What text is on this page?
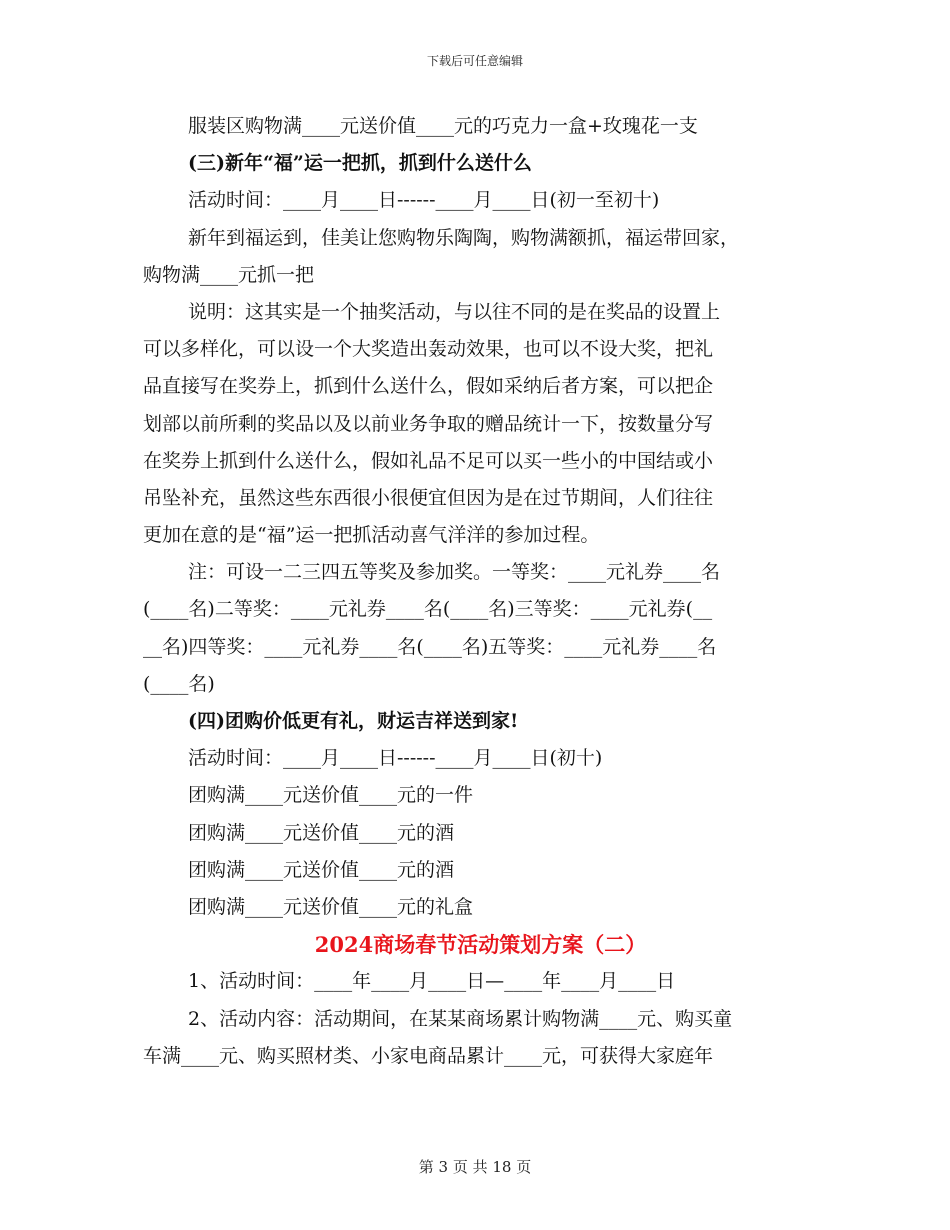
下载后可任意编辑
服装区购物满____元送价值____元的巧克力一盒+玫瑰花一支
(三)新年“福”运一把抓，抓到什么送什么
活动时间：____月____日------____月____日(初一至初十)
新年到福运到，佳美让您购物乐陶陶，购物满额抓，福运带回家，
购物满____元抓一把
说明：这其实是一个抽奖活动，与以往不同的是在奖品的设置上
可以多样化，可以设一个大奖造出轰动效果，也可以不设大奖，把礼
品直接写在奖券上，抓到什么送什么，假如采纳后者方案，可以把企
划部以前所剩的奖品以及以前业务争取的赠品统计一下，按数量分写
在奖券上抓到什么送什么，假如礼品不足可以买一些小的中国结或小
吊坠补充，虽然这些东西很小很便宜但因为是在过节期间，人们往往
更加在意的是“福”运一把抓活动喜气洋洋的参加过程。
注：可设一二三四五等奖及参加奖。一等奖：____元礼券____名
(____名)二等奖：____元礼券____名(____名)三等奖：____元礼券(__
__名)四等奖：____元礼券____名(____名)五等奖：____元礼券____名
(____名)
(四)团购价低更有礼，财运吉祥送到家!
活动时间：____月____日------____月____日(初十)
团购满____元送价值____元的一件
团购满____元送价值____元的酒
团购满____元送价值____元的酒
团购满____元送价值____元的礼盒
2024商场春节活动策划方案（二）
1、活动时间：____年____月____日—____年____月____日
2、活动内容：活动期间，在某某商场累计购物满____元、购买童
车满____元、购买照材类、小家电商品累计____元，可获得大家庭年
第 3 页 共 18 页
